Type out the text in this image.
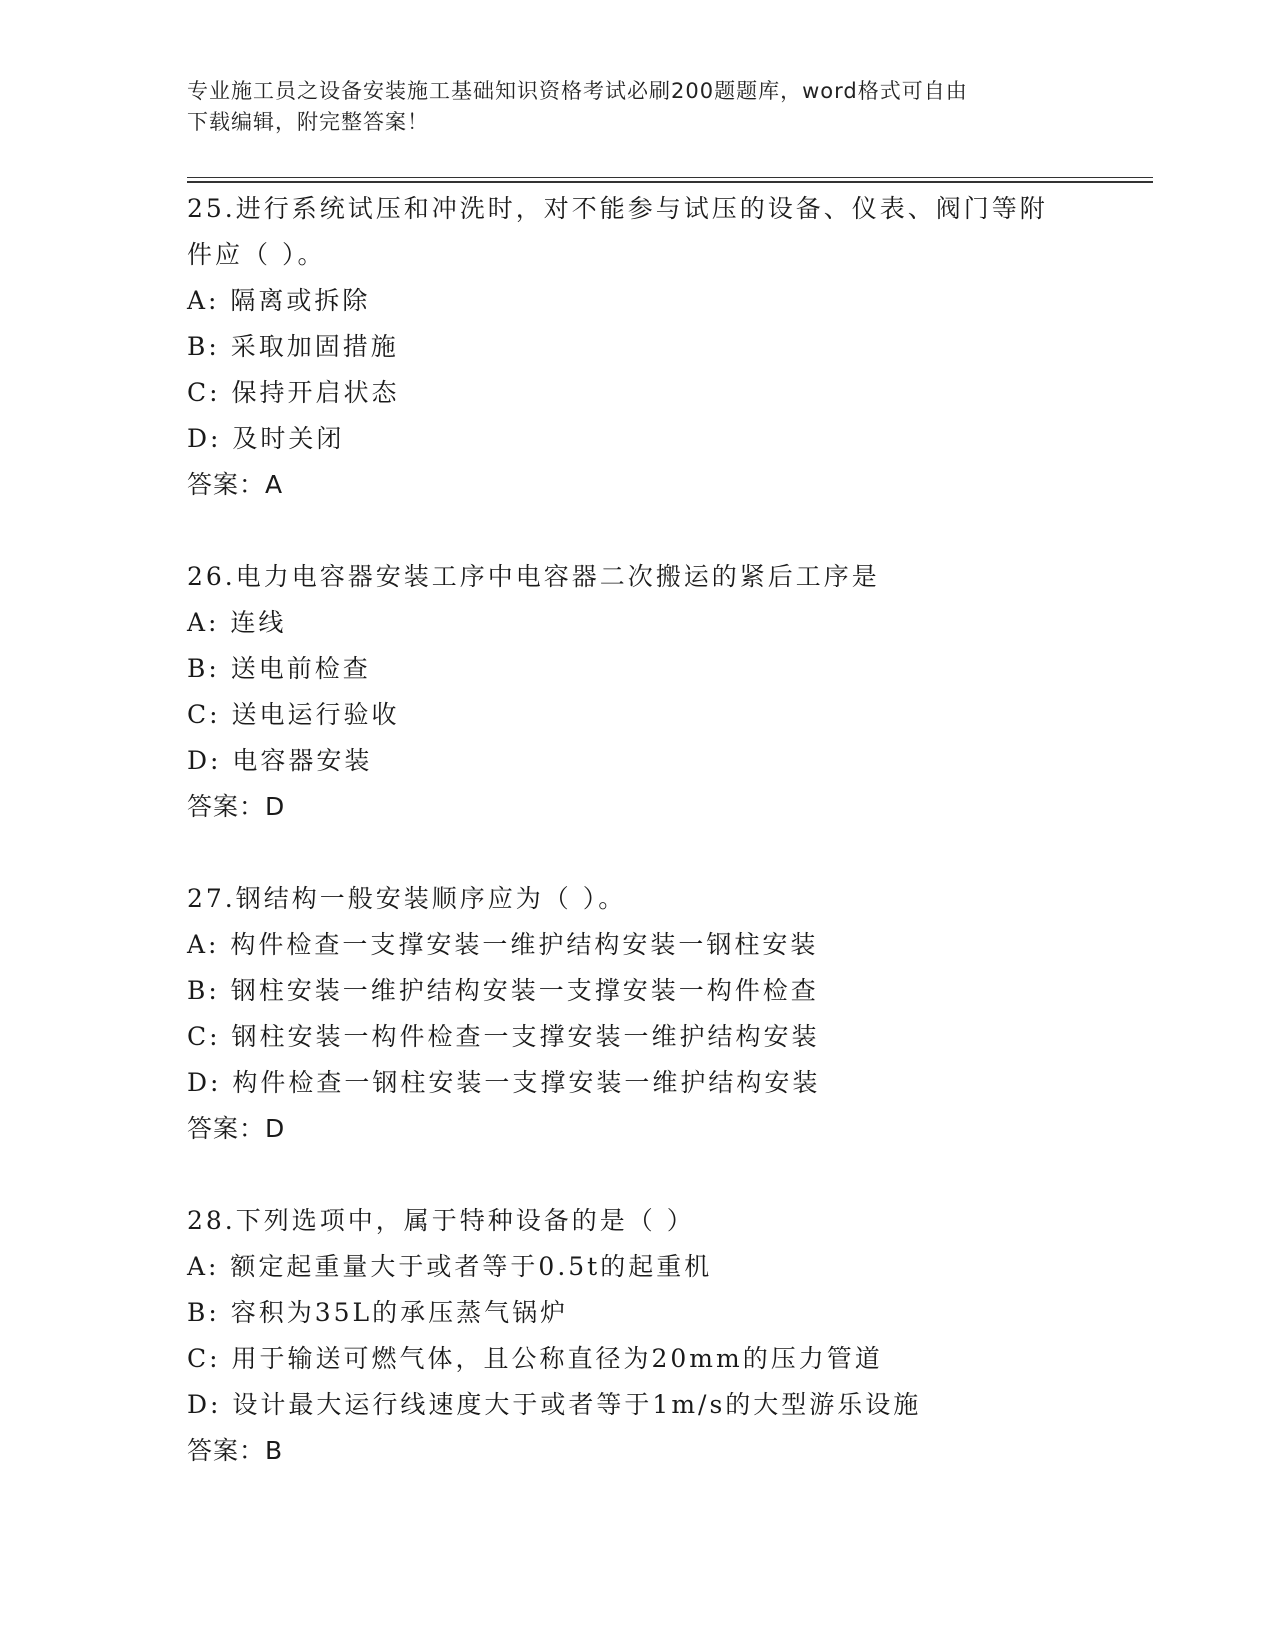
专业施工员之设备安装施工基础知识资格考试必刷200题题库，word格式可自由
下载编辑，附完整答案！
25.进行系统试压和冲洗时，对不能参与试压的设备、仪表、阀门等附
件应（ ）。
A: 隔离或拆除
B: 采取加固措施
C: 保持开启状态
D: 及时关闭
答案：A
26.电力电容器安装工序中电容器二次搬运的紧后工序是
A: 连线
B: 送电前检查
C: 送电运行验收
D: 电容器安装
答案：D
27.钢结构一般安装顺序应为（ ）。
A: 构件检查一支撑安装一维护结构安装一钢柱安装
B: 钢柱安装一维护结构安装一支撑安装一构件检查
C: 钢柱安装一构件检查一支撑安装一维护结构安装
D: 构件检查一钢柱安装一支撑安装一维护结构安装
答案：D
28.下列选项中，属于特种设备的是（ ）
A: 额定起重量大于或者等于0.5t的起重机
B: 容积为35L的承压蒸气锅炉
C: 用于输送可燃气体，且公称直径为20mm的压力管道
D: 设计最大运行线速度大于或者等于1m/s的大型游乐设施
答案：B
